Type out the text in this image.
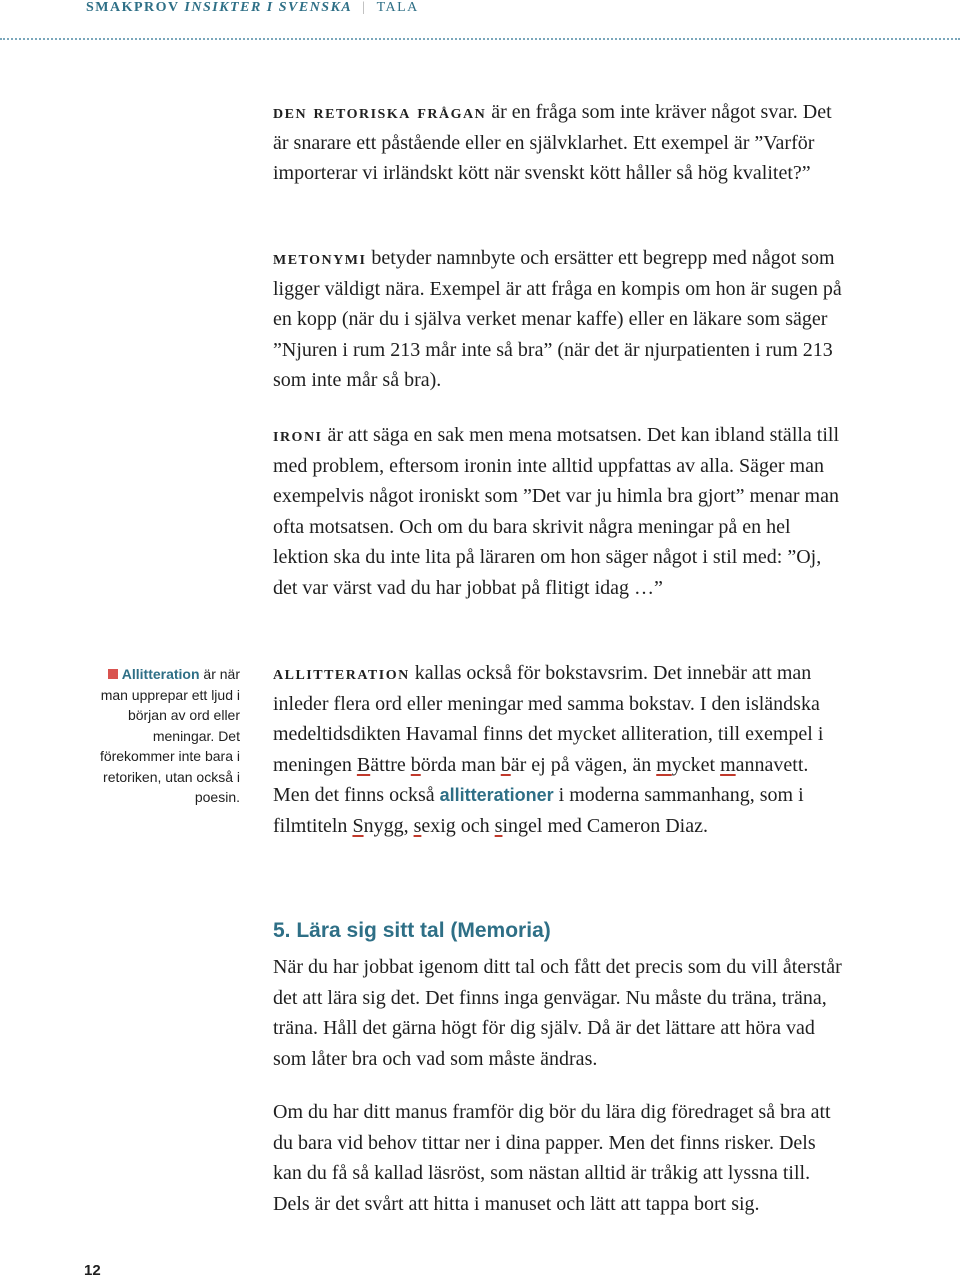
SMAKPROV INSIKTER I SVENSKA | TALA

den retoriska frågan är en fråga som inte kräver något svar. Det är snarare ett påstående eller en självklarhet. Ett exempel är ”Varför importerar vi irländskt kött när svenskt kött håller så hög kvalitet?”

metonymi betyder namnbyte och ersätter ett begrepp med något som ligger väldigt nära. Exempel är att fråga en kompis om hon är sugen på en kopp (när du i själva verket menar kaffe) eller en läkare som säger ”Njuren i rum 213 mår inte så bra” (när det är njurpatienten i rum 213 som inte mår så bra).

ironi är att säga en sak men mena motsatsen. Det kan ibland ställa till med problem, eftersom ironin inte alltid uppfattas av alla. Säger man exempelvis något ironiskt som ”Det var ju himla bra gjort” menar man ofta motsatsen. Och om du bara skrivit några meningar på en hel lektion ska du inte lita på läraren om hon säger något i stil med: ”Oj, det var värst vad du har jobbat på flitigt idag …”

allitteration kallas också för bokstavsrim. Det innebär att man inleder flera ord eller meningar med samma bokstav. I den isländska medeltidsdikten Havamal finns det mycket alliteration, till exempel i meningen Bättre börda man bär ej på vägen, än mycket mannavett. Men det finns också allitterationer i moderna sammanhang, som i filmtiteln Snygg, sexig och singel med Cameron Diaz.

Allitteration är när man upprepar ett ljud i början av ord eller meningar. Det förekommer inte bara i retoriken, utan också i poesin.
5. Lära sig sitt tal (Memoria)

När du har jobbat igenom ditt tal och fått det precis som du vill återstår det att lära sig det. Det finns inga genvägar. Nu måste du träna, träna, träna. Håll det gärna högt för dig själv. Då är det lättare att höra vad som låter bra och vad som måste ändras.

Om du har ditt manus framför dig bör du lära dig föredraget så bra att du bara vid behov tittar ner i dina papper. Men det finns risker. Dels kan du få så kallad läsröst, som nästan alltid är tråkig att lyssna till. Dels är det svårt att hitta i manuset och lätt att tappa bort sig.

12
